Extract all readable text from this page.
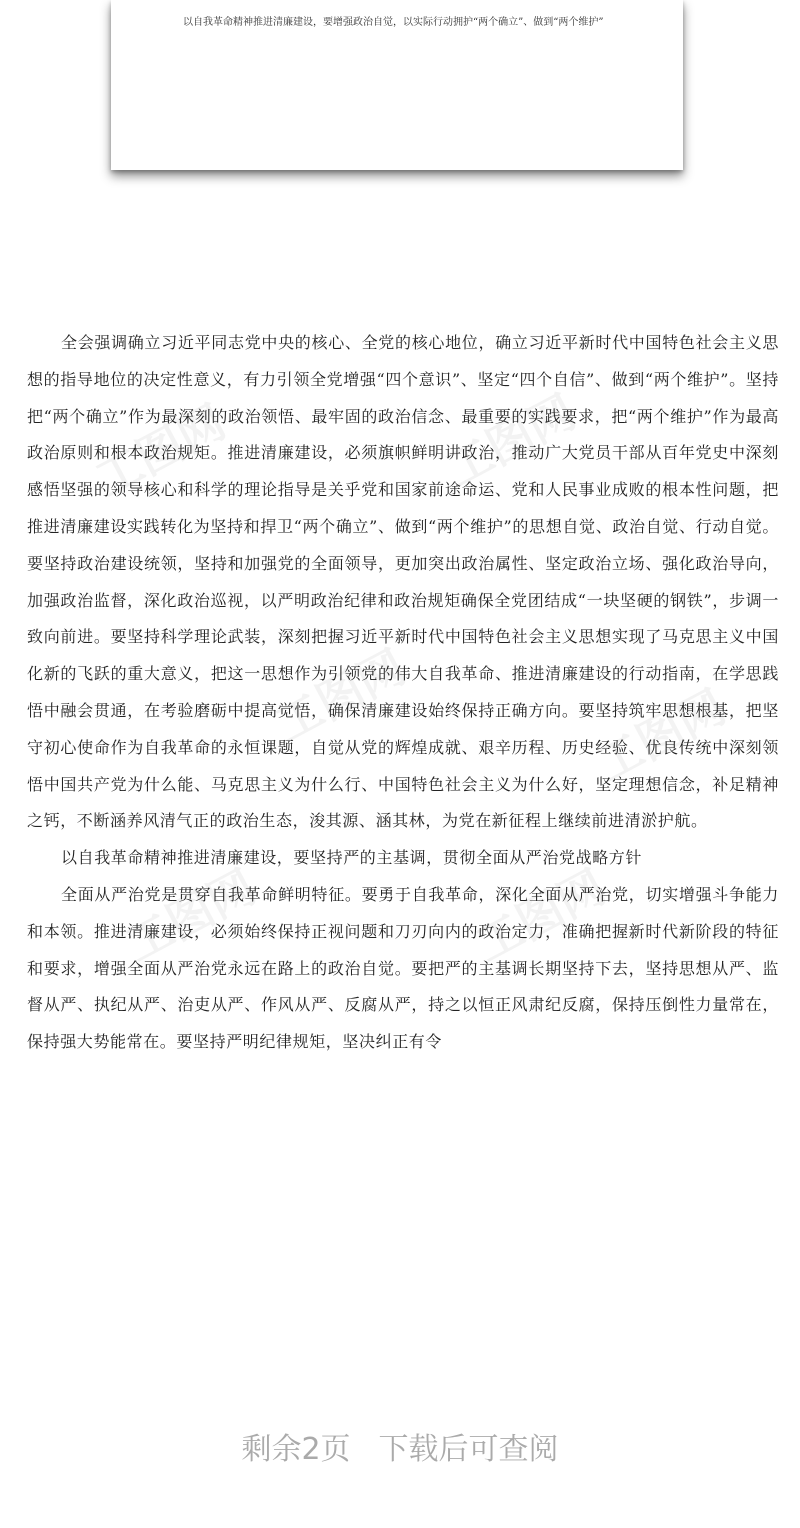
以自我革命精神推进清廉建设，要增强政治自觉，以实际行动拥护“两个确立”、做到“两个维护”

工图网	工图网
工图网	工图网
工图网	工图网

全会强调确立习近平同志党中央的核心、全党的核心地位，确立习近平新时代中国特色社会主义思想的指导地位的决定性意义，有力引领全党增强“四个意识”、坚定“四个自信”、做到“两个维护”。坚持把“两个确立”作为最深刻的政治领悟、最牢固的政治信念、最重要的实践要求，把“两个维护”作为最高政治原则和根本政治规矩。推进清廉建设，必须旗帜鲜明讲政治，推动广大党员干部从百年党史中深刻感悟坚强的领导核心和科学的理论指导是关乎党和国家前途命运、党和人民事业成败的根本性问题，把推进清廉建设实践转化为坚持和捍卫“两个确立”、做到“两个维护”的思想自觉、政治自觉、行动自觉。要坚持政治建设统领，坚持和加强党的全面领导，更加突出政治属性、坚定政治立场、强化政治导向，加强政治监督，深化政治巡视，以严明政治纪律和政治规矩确保全党团结成“一块坚硬的钢铁”，步调一致向前进。要坚持科学理论武装，深刻把握习近平新时代中国特色社会主义思想实现了马克思主义中国化新的飞跃的重大意义，把这一思想作为引领党的伟大自我革命、推进清廉建设的行动指南，在学思践悟中融会贯通，在考验磨砺中提高觉悟，确保清廉建设始终保持正确方向。要坚持筑牢思想根基，把坚守初心使命作为自我革命的永恒课题，自觉从党的辉煌成就、艰辛历程、历史经验、优良传统中深刻领悟中国共产党为什么能、马克思主义为什么行、中国特色社会主义为什么好，坚定理想信念，补足精神之钙，不断涵养风清气正的政治生态，浚其源、涵其林，为党在新征程上继续前进清淤护航。

以自我革命精神推进清廉建设，要坚持严的主基调，贯彻全面从严治党战略方针

全面从严治党是贯穿自我革命鲜明特征。要勇于自我革命，深化全面从严治党，切实增强斗争能力和本领。推进清廉建设，必须始终保持正视问题和刀刃向内的政治定力，准确把握新时代新阶段的特征和要求，增强全面从严治党永远在路上的政治自觉。要把严的主基调长期坚持下去，坚持思想从严、监督从严、执纪从严、治吏从严、作风从严、反腐从严，持之以恒正风肃纪反腐，保持压倒性力量常在，保持强大势能常在。要坚持严明纪律规矩，坚决纠正有令

剩余2页 下载后可查阅
